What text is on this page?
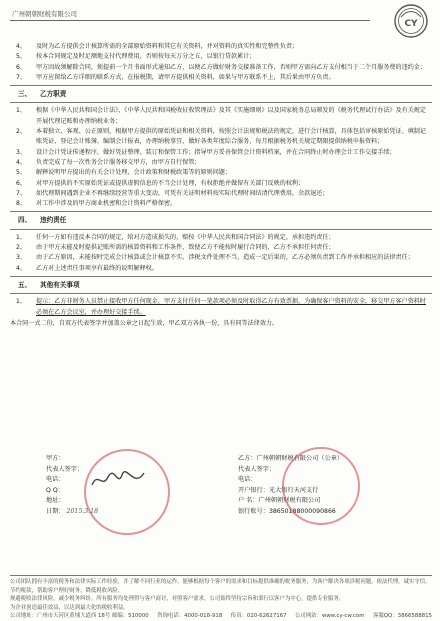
广州朝朝财税有限公司
CY
4、	及时为乙方提供会计核算所需的全部原始资料和其它有关资料，并对资料的真实性和完整性负责；
5、	按本合同规定及时足额地支付代理费用，否则按每天万分之五，以银行贷款累计；
6、	甲方因故须解除合同，须提前一个月书面形式通知乙方，以便乙方做好财务交接准备工作，否则甲方需向乙方支付相当于二个月服务费的违约金；
7、	甲方应留给乙方详细的联系方式，在报税期，请甲方提供相关资料，如果与甲方联系不上，其后果由甲方负责。
三、 乙方职责
1、	根据《中华人民共和国会计法》、《中华人民共和国税收征收管理法》及其《实施细则》以及国家税务总局颁发的《税务代理试行办法》及有关规定开展代理记账和办理纳税业务；
2、	本着独立、客观、公正原则，根据甲方提供的原始凭证和相关资料，按照会计法规和税法的规定，进行会计核算，具体包括审核原始凭证、填制记账凭证、登记会计账簿、编制会计报表，办理纳税事宜，做好各类年度综合服务，每月根据税务机关规定期限提供纳税申报资料；
3、	设计会计凭证传递程序，做好凭证整理、装订和保管工作；指导甲方妥善保管会计资料档案，并在合同终止时办理会计工作交接手续；
4、	负责完成了每一次性务会计服务移交甲方，由甲方自行保管；
5、	解释说明甲方提出的有关会计处理、会计政策和财税政策等的原则问题；
6、	对甲方提供的不实原始凭证或提供虚假信息的不当会计处理，有权拒绝并做留有关部门反映的权利；
7、	如代理期间遇到企业不再继续经营等重大变动，可凭有关证明材料按实际代理时间结清代理费用，余款退还；
8、	对工作中涉及的甲方商业机密和会计资料严格保密。
四、 违约责任
1、	任何一方如有违反本合同的规定，给对方造成损失的，赔按《中华人民共和国合同法》的规定，承担违约责任；
2、	由于甲方未能及时提供记账所需的核算资料和工作条件，致使乙方不能按时履行合同的，乙方不承担任何责任；
3、	由于乙方原因，未能按时完成会计核算或会计核算不实、涉税文件处理不当，造成一定后果的，乙方必须负责到工作并承担相应的法律责任；
4、	乙方对上述责任事项享有最终的说明解释权。
五、 其他有关事项
1、	提示：乙方非财务人员禁止接收甲方任何现金，甲方支付任何一笔款项必须及时取得乙方有效票据，为确保客户资料的安全，移交甲方客户资料时必须在乙方会议室，并办理好交接手续。
本合同一式二份，自双方代表签字并加盖公章之日起生效，甲乙双方各执一份，具有同等法律效力。
甲方：
代表人签字：
电话：
Q Q：
地址：
日期： 2015.3.18
乙方：广州朝朝财税有限公司（公章）
代表人签字：
电话：
开户银行：光大银行天河支行
户 名：广州朝朝财税有限公司
银行账号：38650188000090866
公司团队拥有丰富的税务和法律实际工作经验，并了解不同行业的运作，能够根据每个客户的需求和目标提供准确的税务服务，为客户解决各项涉税问题。依法代理，诚实守信，节约税款，帮助客户理好财务，降低税收风险，
规避税收法律风险，减少税务纠纷。所有服务均处理得与客户商讨，对照客户需求，公司始终坚持宗旨和秉行以客户为中心，提供专业服务，
为企业创造最佳效益，以达到最大化的税收利益。
公司地址：广州市天河区黄埔大道西 18号 邮编：510000 咨询电话：4000-018-918 传真：020-62627167 公司网站：www.cy-cw.com 客服QQ：3866588815
